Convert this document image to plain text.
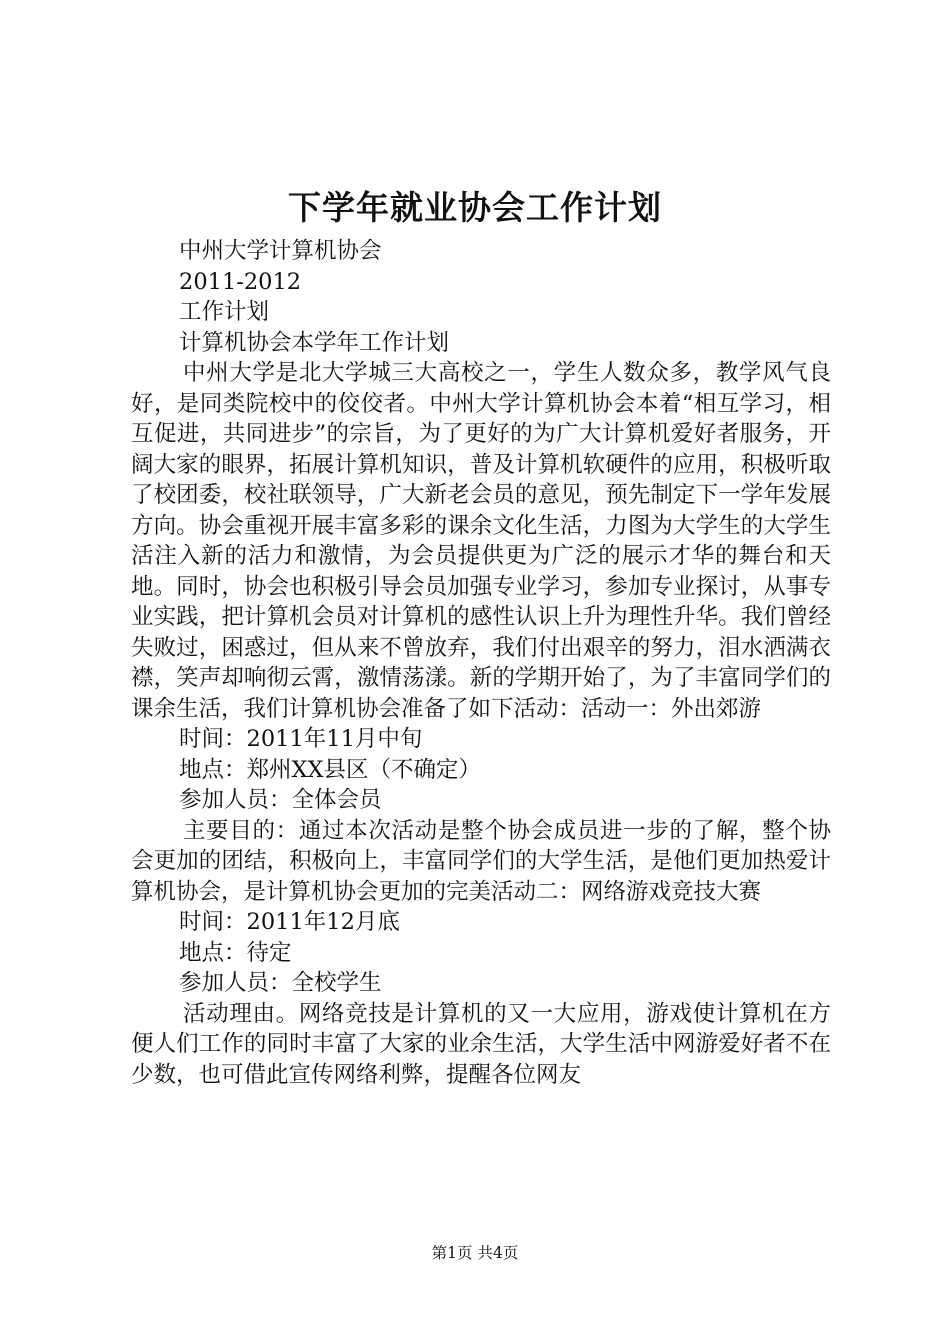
下学年就业协会工作计划

中州大学计算机协会

2011-2012

工作计划

计算机协会本学年工作计划

中州大学是北大学城三大高校之一，学生人数众多，教学风气良好，是同类院校中的佼佼者。中州大学计算机协会本着“相互学习，相互促进，共同进步”的宗旨，为了更好的为广大计算机爱好者服务，开阔大家的眼界，拓展计算机知识，普及计算机软硬件的应用，积极听取了校团委，校社联领导，广大新老会员的意见，预先制定下一学年发展方向。协会重视开展丰富多彩的课余文化生活，力图为大学生的大学生活注入新的活力和激情，为会员提供更为广泛的展示才华的舞台和天地。同时，协会也积极引导会员加强专业学习，参加专业探讨，从事专业实践，把计算机会员对计算机的感性认识上升为理性升华。我们曾经失败过，困惑过，但从来不曾放弃，我们付出艰辛的努力，泪水洒满衣襟，笑声却响彻云霄，激情荡漾。新的学期开始了，为了丰富同学们的课余生活，我们计算机协会准备了如下活动：活动一：外出郊游

时间：2011年11月中旬

地点：郑州XX县区（不确定）

参加人员：全体会员

主要目的：通过本次活动是整个协会成员进一步的了解，整个协会更加的团结，积极向上，丰富同学们的大学生活，是他们更加热爱计算机协会，是计算机协会更加的完美活动二：网络游戏竞技大赛

时间：2011年12月底

地点：待定

参加人员：全校学生

活动理由。网络竞技是计算机的又一大应用，游戏使计算机在方便人们工作的同时丰富了大家的业余生活，大学生活中网游爱好者不在少数，也可借此宣传网络利弊，提醒各位网友

第1页 共4页
